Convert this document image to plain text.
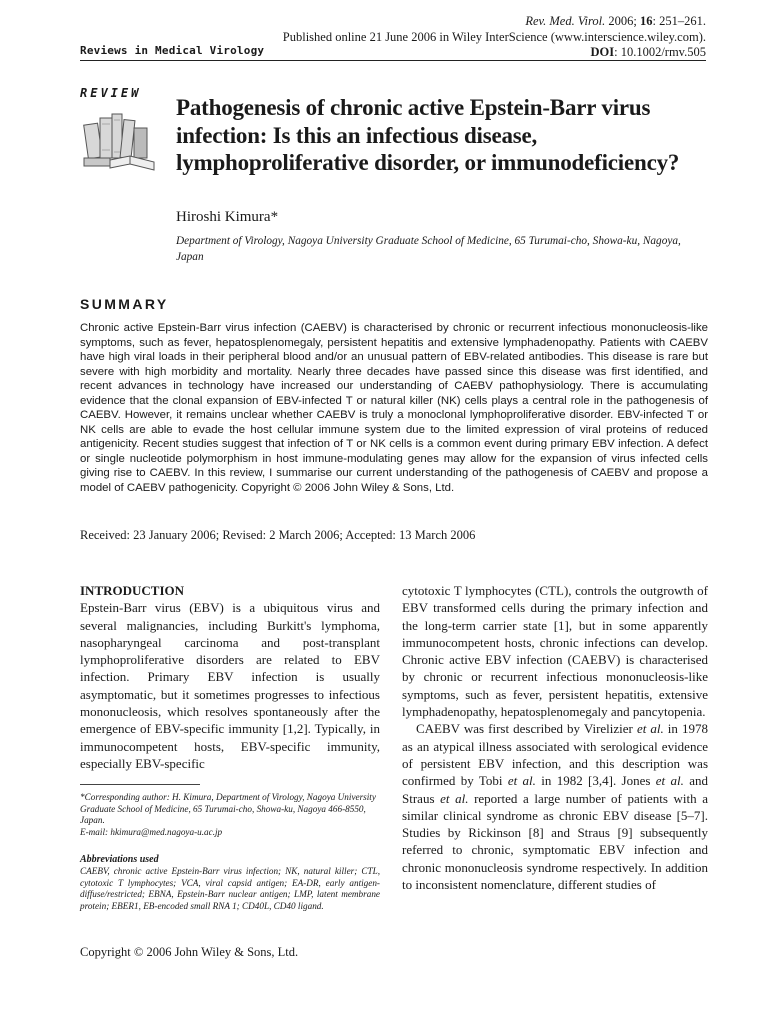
Rev. Med. Virol. 2006; 16: 251–261.
Published online 21 June 2006 in Wiley InterScience (www.interscience.wiley.com).
Reviews in Medical Virology	DOI: 10.1002/rmv.505
REVIEW
Pathogenesis of chronic active Epstein-Barr virus infection: Is this an infectious disease, lymphoproliferative disorder, or immunodeficiency?
Hiroshi Kimura*
Department of Virology, Nagoya University Graduate School of Medicine, 65 Turumai-cho, Showa-ku, Nagoya, Japan
SUMMARY
Chronic active Epstein-Barr virus infection (CAEBV) is characterised by chronic or recurrent infectious mononucleosis-like symptoms, such as fever, hepatosplenomegaly, persistent hepatitis and extensive lymphadenopathy. Patients with CAEBV have high viral loads in their peripheral blood and/or an unusual pattern of EBV-related antibodies. This disease is rare but severe with high morbidity and mortality. Nearly three decades have passed since this disease was first identified, and recent advances in technology have increased our understanding of CAEBV pathophysiology. There is accumulating evidence that the clonal expansion of EBV-infected T or natural killer (NK) cells plays a central role in the pathogenesis of CAEBV. However, it remains unclear whether CAEBV is truly a monoclonal lymphoproliferative disorder. EBV-infected T or NK cells are able to evade the host cellular immune system due to the limited expression of viral proteins of reduced antigenicity. Recent studies suggest that infection of T or NK cells is a common event during primary EBV infection. A defect or single nucleotide polymorphism in host immune-modulating genes may allow for the expansion of virus infected cells giving rise to CAEBV. In this review, I summarise our current understanding of the pathogenesis of CAEBV and propose a model of CAEBV pathogenicity. Copyright © 2006 John Wiley & Sons, Ltd.
Received: 23 January 2006; Revised: 2 March 2006; Accepted: 13 March 2006
INTRODUCTION

Epstein-Barr virus (EBV) is a ubiquitous virus and several malignancies, including Burkitt's lymphoma, nasopharyngeal carcinoma and post-transplant lymphoproliferative disorders are related to EBV infection. Primary EBV infection is usually asymptomatic, but it sometimes progresses to infectious mononucleosis, which resolves spontaneously after the emergence of EBV-specific immunity [1,2]. Typically, in immunocompetent hosts, EBV-specific immunity, especially EBV-specific

*Corresponding author: H. Kimura, Department of Virology, Nagoya University Graduate School of Medicine, 65 Turumai-cho, Showa-ku, Nagoya 466-8550, Japan.
E-mail: hkimura@med.nagoya-u.ac.jp
Abbreviations used
CAEBV, chronic active Epstein-Barr virus infection; NK, natural killer; CTL, cytotoxic T lymphocytes; VCA, viral capsid antigen; EA-DR, early antigen-diffuse/restricted; EBNA, Epstein-Barr nuclear antigen; LMP, latent membrane protein; EBER1, EB-encoded small RNA 1; CD40L, CD40 ligand.

cytotoxic T lymphocytes (CTL), controls the outgrowth of EBV transformed cells during the primary infection and the long-term carrier state [1], but in some apparently immunocompetent hosts, chronic infections can develop. Chronic active EBV infection (CAEBV) is characterised by chronic or recurrent infectious mononucleosis-like symptoms, such as fever, persistent hepatitis, extensive lymphadenopathy, hepatosplenomegaly and pancytopenia.

CAEBV was first described by Virelizier et al. in 1978 as an atypical illness associated with serological evidence of persistent EBV infection, and this description was confirmed by Tobi et al. in 1982 [3,4]. Jones et al. and Straus et al. reported a large number of patients with a similar clinical syndrome as chronic EBV disease [5–7]. Studies by Rickinson [8] and Straus [9] subsequently referred to chronic, symptomatic EBV infection and chronic mononucleosis syndrome respectively. In addition to inconsistent nomenclature, different studies of

Copyright © 2006 John Wiley & Sons, Ltd.
